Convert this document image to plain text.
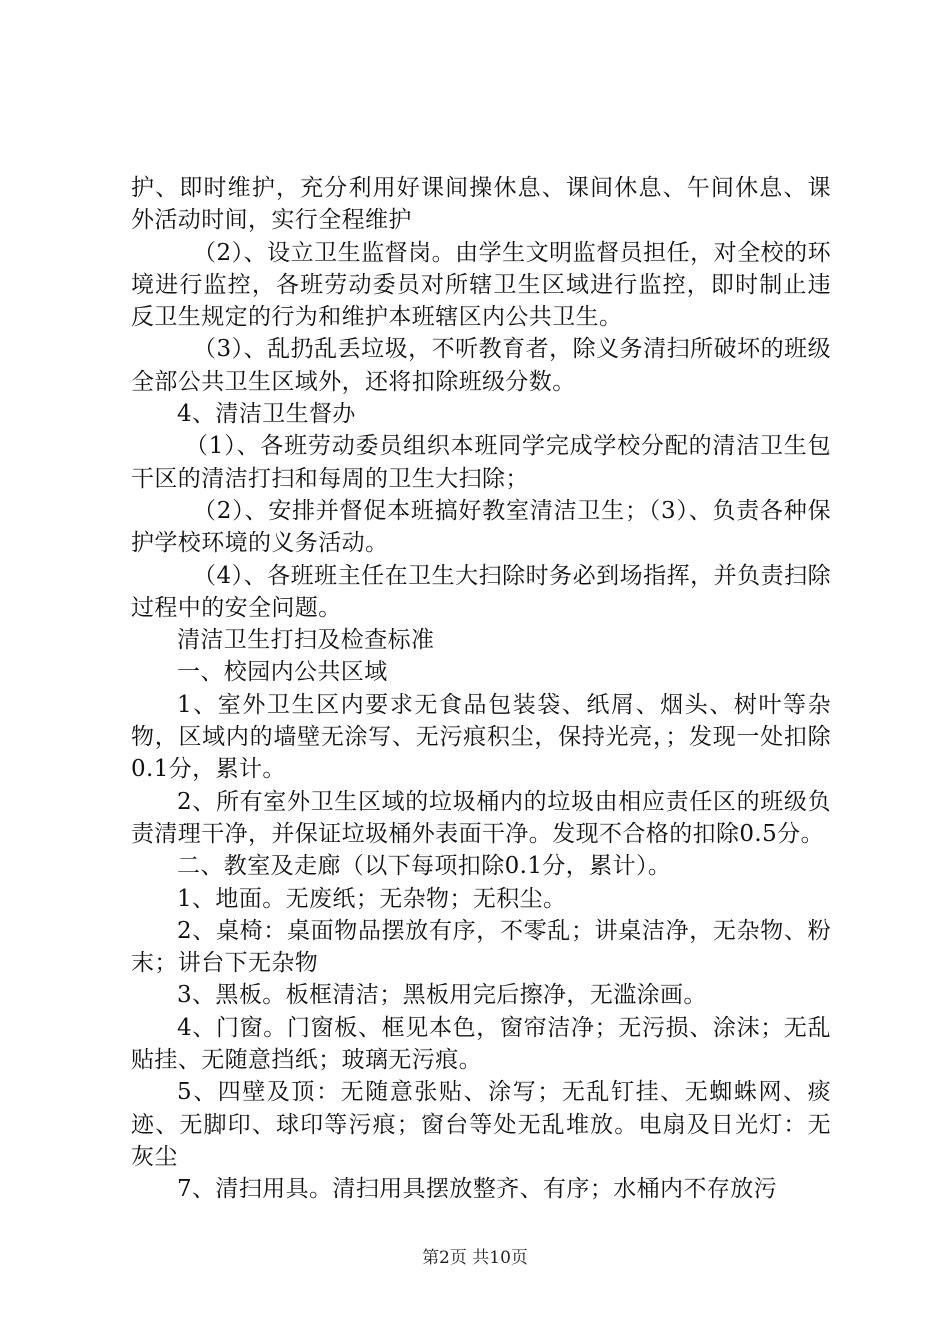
护、即时维护，充分利用好课间操休息、课间休息、午间休息、课外活动时间，实行全程维护

（2）、设立卫生监督岗。由学生文明监督员担任，对全校的环境进行监控，各班劳动委员对所辖卫生区域进行监控，即时制止违反卫生规定的行为和维护本班辖区内公共卫生。

（3）、乱扔乱丢垃圾，不听教育者，除义务清扫所破坏的班级全部公共卫生区域外，还将扣除班级分数。

4、清洁卫生督办

（1）、各班劳动委员组织本班同学完成学校分配的清洁卫生包干区的清洁打扫和每周的卫生大扫除；

（2）、安排并督促本班搞好教室清洁卫生；（3）、负责各种保护学校环境的义务活动。

（4）、各班班主任在卫生大扫除时务必到场指挥，并负责扫除过程中的安全问题。

清洁卫生打扫及检查标准

一、校园内公共区域

1、室外卫生区内要求无食品包装袋、纸屑、烟头、树叶等杂物，区域内的墙壁无涂写、无污痕积尘，保持光亮，；发现一处扣除0.1分，累计。

2、所有室外卫生区域的垃圾桶内的垃圾由相应责任区的班级负责清理干净，并保证垃圾桶外表面干净。发现不合格的扣除0.5分。

二、教室及走廊（以下每项扣除0.1分，累计）。

1、地面。无废纸；无杂物；无积尘。

2、桌椅：桌面物品摆放有序，不零乱；讲桌洁净，无杂物、粉末；讲台下无杂物

3、黑板。板框清洁；黑板用完后擦净，无滥涂画。

4、门窗。门窗板、框见本色，窗帘洁净；无污损、涂沫；无乱贴挂、无随意挡纸；玻璃无污痕。

5、四壁及顶：无随意张贴、涂写；无乱钉挂、无蜘蛛网、痰迹、无脚印、球印等污痕；窗台等处无乱堆放。电扇及日光灯：无灰尘

7、清扫用具。清扫用具摆放整齐、有序；水桶内不存放污

第2页 共10页
